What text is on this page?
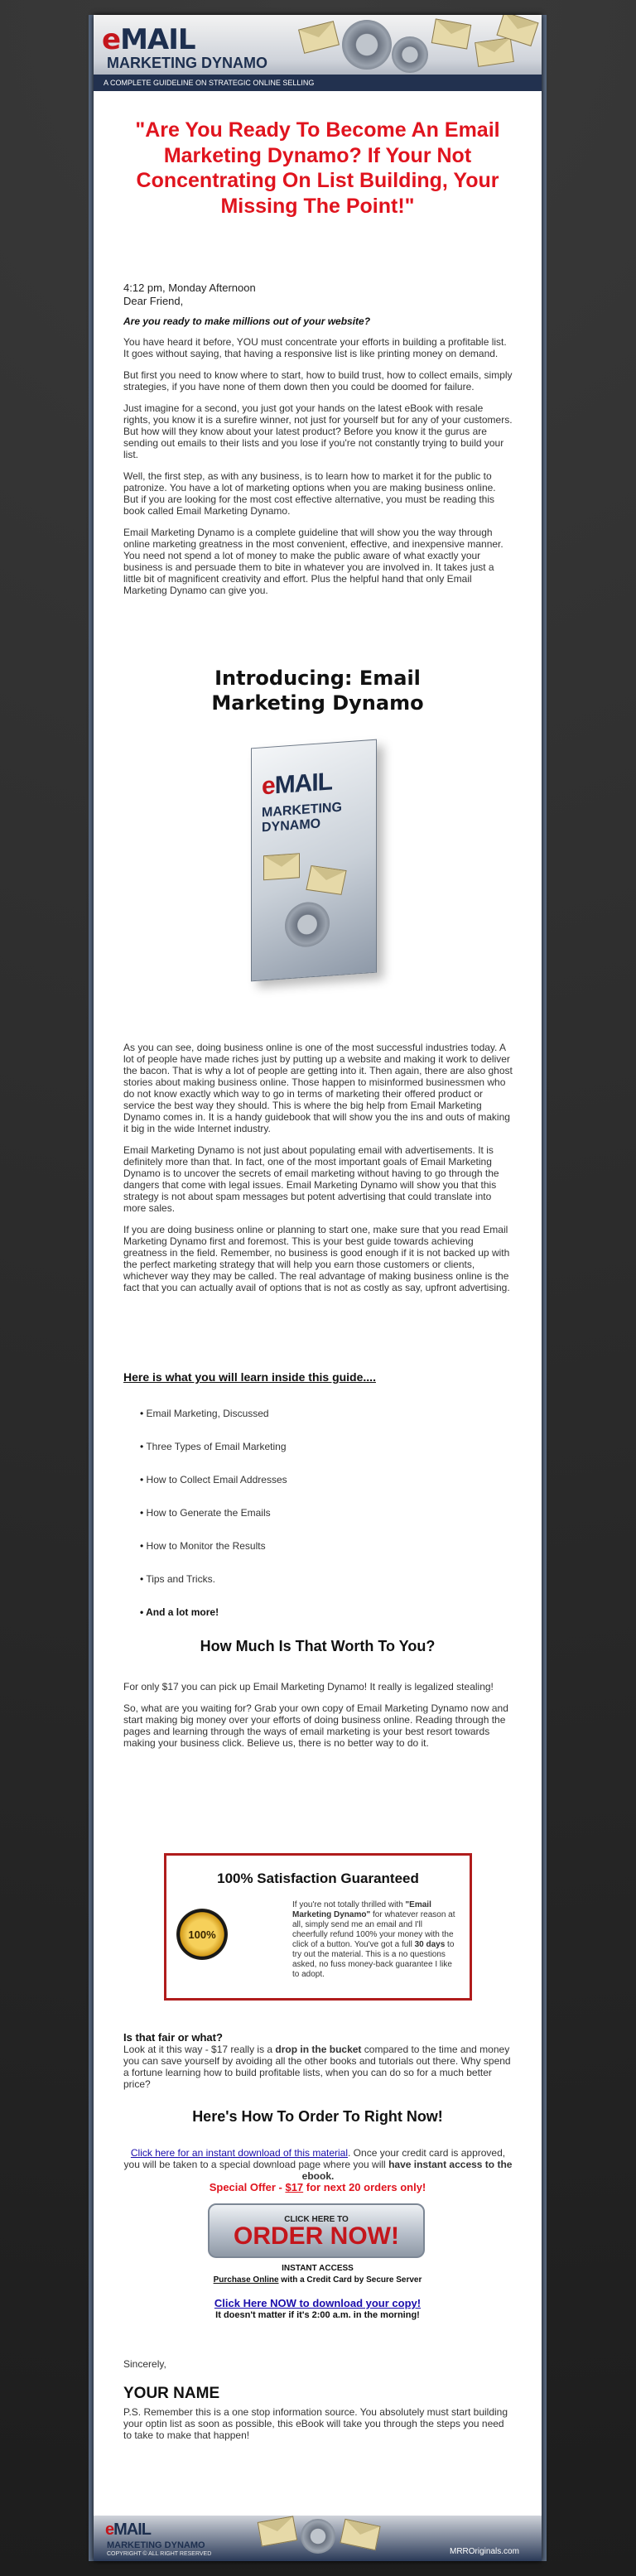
eMAIL
MARKETING DYNAMO
A COMPLETE GUIDELINE ON STRATEGIC ONLINE SELLING
"Are You Ready To Become An Email Marketing Dynamo? If Your Not Concentrating On List Building, Your Missing The Point!"
4:12 pm, Monday Afternoon
Dear Friend,
Are you ready to make millions out of your website?

You have heard it before, YOU must concentrate your efforts in building a profitable list. It goes without saying, that having a responsive list is like printing money on demand.

But first you need to know where to start, how to build trust, how to collect emails, simply strategies, if you have none of them down then you could be doomed for failure.

Just imagine for a second, you just got your hands on the latest eBook with resale rights, you know it is a surefire winner, not just for yourself but for any of your customers. But how will they know about your latest product? Before you know it the gurus are sending out emails to their lists and you lose if you're not constantly trying to build your list.

Well, the first step, as with any business, is to learn how to market it for the public to patronize. You have a lot of marketing options when you are making business online. But if you are looking for the most cost effective alternative, you must be reading this book called Email Marketing Dynamo.

Email Marketing Dynamo is a complete guideline that will show you the way through online marketing greatness in the most convenient, effective, and inexpensive manner. You need not spend a lot of money to make the public aware of what exactly your business is and persuade them to bite in whatever you are involved in. It takes just a little bit of magnificent creativity and effort. Plus the helpful hand that only Email Marketing Dynamo can give you.

Introducing: Email Marketing Dynamo
eMAIL
MARKETING
DYNAMO

As you can see, doing business online is one of the most successful industries today. A lot of people have made riches just by putting up a website and making it work to deliver the bacon. That is why a lot of people are getting into it. Then again, there are also ghost stories about making business online. Those happen to misinformed businessmen who do not know exactly which way to go in terms of marketing their offered product or service the best way they should. This is where the big help from Email Marketing Dynamo comes in. It is a handy guidebook that will show you the ins and outs of making it big in the wide Internet industry.

Email Marketing Dynamo is not just about populating email with advertisements. It is definitely more than that. In fact, one of the most important goals of Email Marketing Dynamo is to uncover the secrets of email marketing without having to go through the dangers that come with legal issues. Email Marketing Dynamo will show you that this strategy is not about spam messages but potent advertising that could translate into more sales.

If you are doing business online or planning to start one, make sure that you read Email Marketing Dynamo first and foremost. This is your best guide towards achieving greatness in the field. Remember, no business is good enough if it is not backed up with the perfect marketing strategy that will help you earn those customers or clients, whichever way they may be called. The real advantage of making business online is the fact that you can actually avail of options that is not as costly as say, upfront advertising.

Here is what you will learn inside this guide....
• Email Marketing, Discussed
• Three Types of Email Marketing
• How to Collect Email Addresses
• How to Generate the Emails
• How to Monitor the Results
• Tips and Tricks.
• And a lot more!
How Much Is That Worth To You?

For only $17 you can pick up Email Marketing Dynamo! It really is legalized stealing!

So, what are you waiting for? Grab your own copy of Email Marketing Dynamo now and start making big money over your efforts of doing business online. Reading through the pages and learning through the ways of email marketing is your best resort towards making your business click. Believe us, there is no better way to do it.

100% Satisfaction Guaranteed
100%
If you're not totally thrilled with "Email Marketing Dynamo" for whatever reason at all, simply send me an email and I'll cheerfully refund 100% your money with the click of a button. You've got a full 30 days to try out the material. This is a no questions asked, no fuss money-back guarantee I like to adopt.
Is that fair or what?

Look at it this way - $17 really is a drop in the bucket compared to the time and money you can save yourself by avoiding all the other books and tutorials out there. Why spend a fortune learning how to build profitable lists, when you can do so for a much better price?

Here's How To Order To Right Now!
Click here for an instant download of this material. Once your credit card is approved, you will be taken to a special download page where you will have instant access to the ebook.
Special Offer - $17 for next 20 orders only!
CLICK HERE TO
ORDER NOW!
INSTANT ACCESS
Purchase Online with a Credit Card by Secure Server
Click Here NOW to download your copy!
It doesn't matter if it's 2:00 a.m. in the morning!
Sincerely,
YOUR NAME

P.S. Remember this is a one stop information source. You absolutely must start building your optin list as soon as possible, this eBook will take you through the steps you need to take to make that happen!

eMAIL
MARKETING DYNAMO
COPYRIGHT © ALL RIGHT RESERVED	MRROriginals.com
